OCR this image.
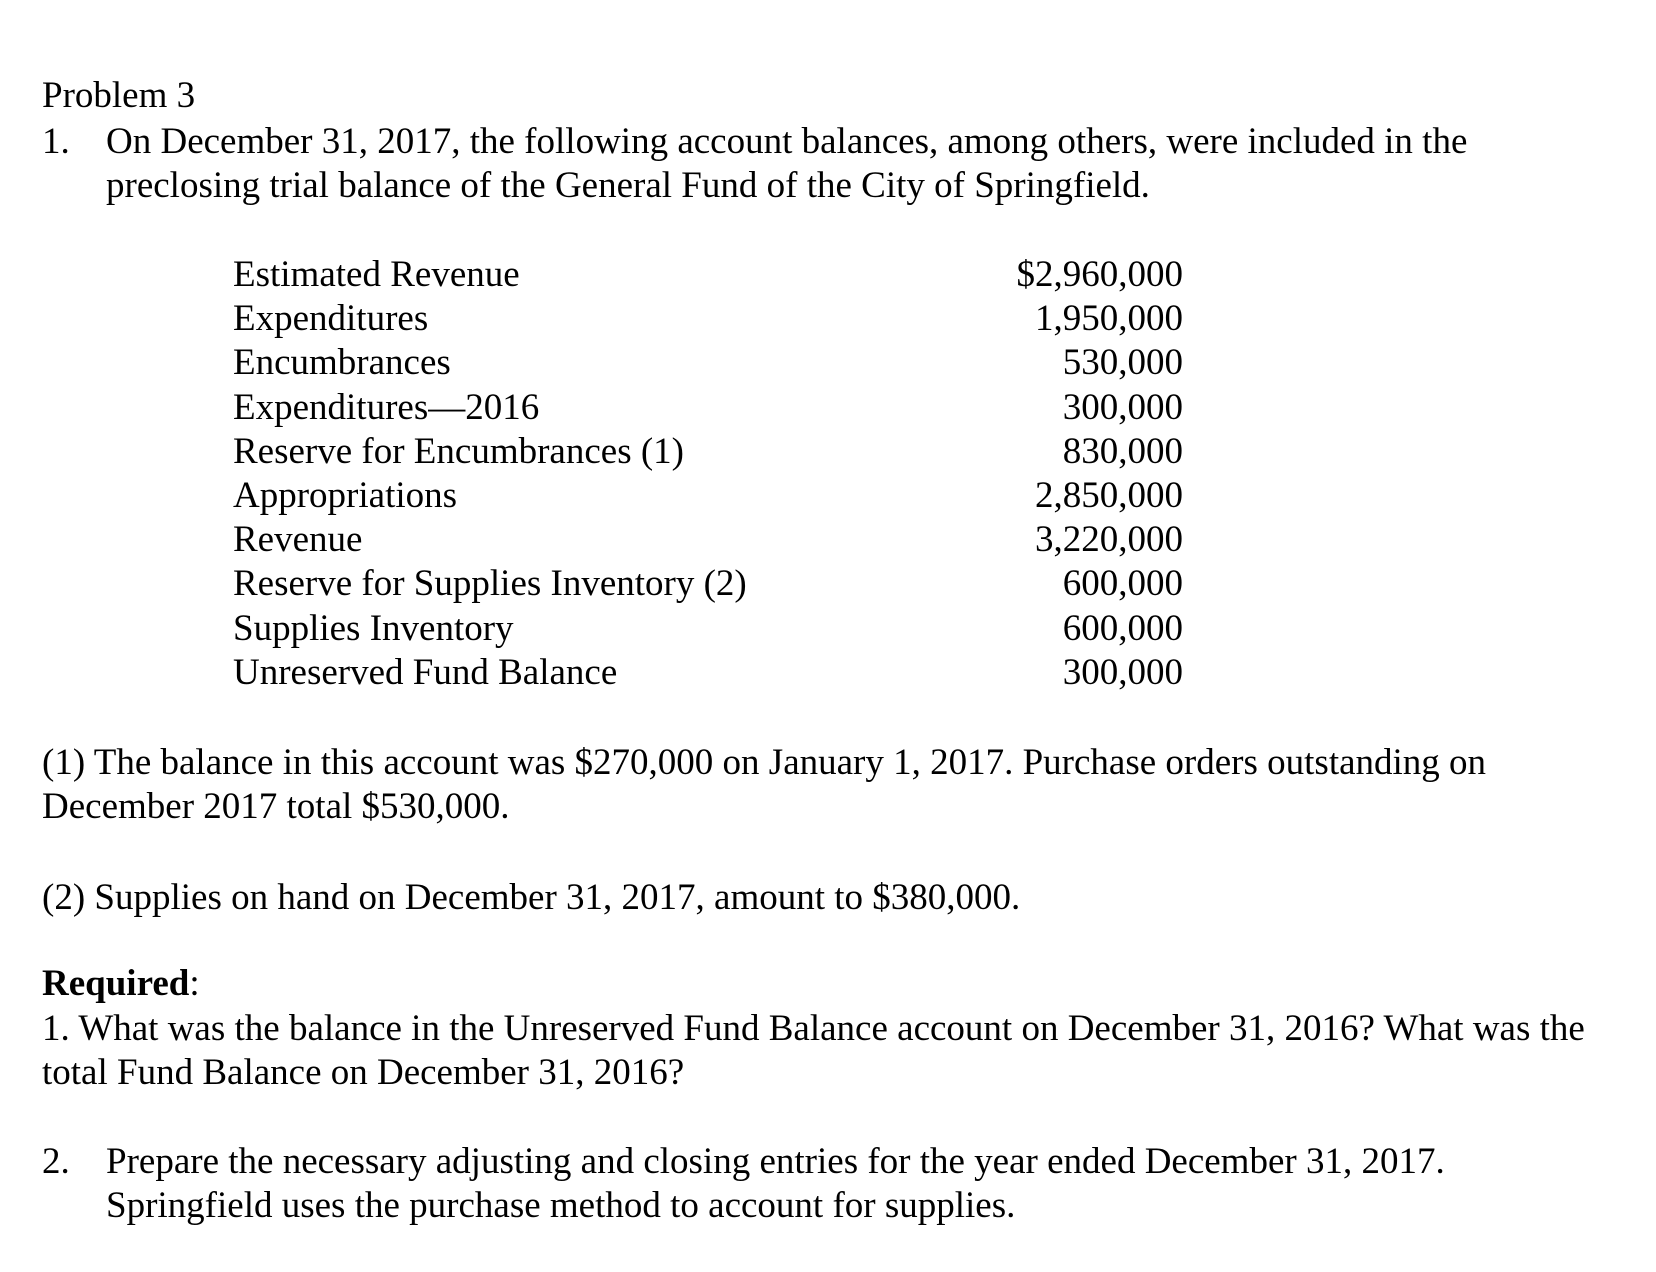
Problem 3
1. On December 31, 2017, the following account balances, among others, were included in the
preclosing trial balance of the General Fund of the City of Springfield.
Estimated Revenue	$2,960,000
Expenditures	1,950,000
Encumbrances	530,000
Expenditures—2016	300,000
Reserve for Encumbrances (1)	830,000
Appropriations	2,850,000
Revenue	3,220,000
Reserve for Supplies Inventory (2)	600,000
Supplies Inventory	600,000
Unreserved Fund Balance	300,000
(1) The balance in this account was $270,000 on January 1, 2017. Purchase orders outstanding on December 2017 total $530,000.
(2) Supplies on hand on December 31, 2017, amount to $380,000.
Required:
1. What was the balance in the Unreserved Fund Balance account on December 31, 2016? What was the total Fund Balance on December 31, 2016?
2. Prepare the necessary adjusting and closing entries for the year ended December 31, 2017.
Springfield uses the purchase method to account for supplies.
